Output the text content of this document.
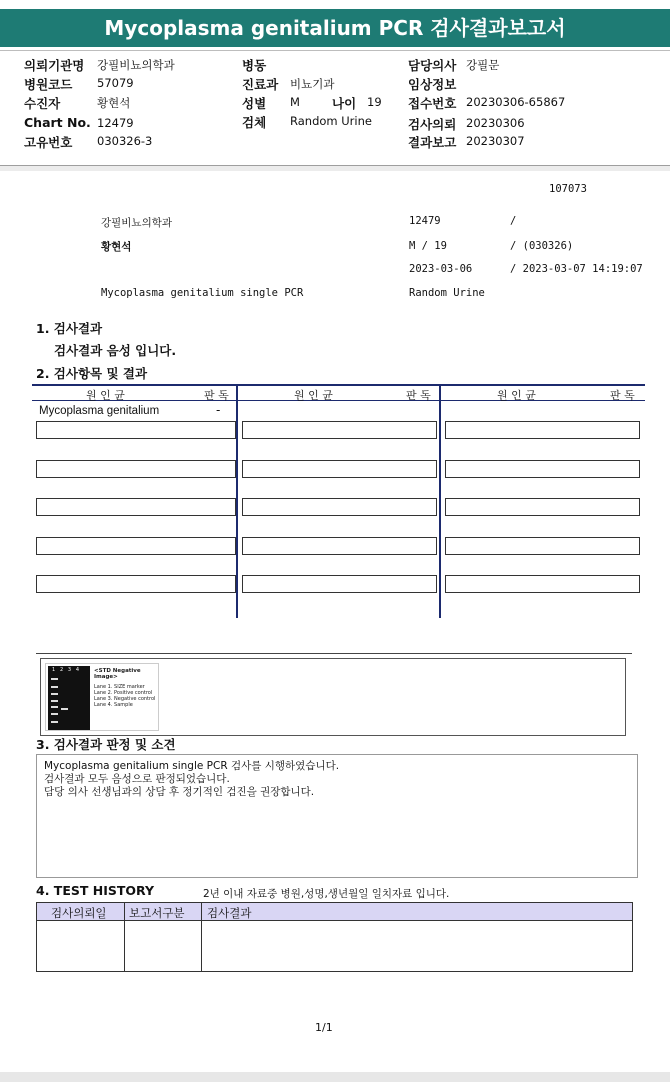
Mycoplasma genitalium PCR 검사결과보고서
의뢰기관명 강필비뇨의학과
병원코드 57079
수진자	황현석
Chart No. 12479
고유번호 030326-3
병동
진료과 비뇨기과
성별 M	나이 19
검체 Random Urine
담당의사 강필문
임상정보
접수번호 20230306-65867
검사의뢰 20230306
결과보고 20230307
107073
강필비뇨의학과	12479	/
황현석	M / 19	/ (030326)
2023-03-06	/ 2023-03-07 14:19:07
Mycoplasma genitalium single PCR	Random Urine
1. 검사결과
검사결과 음성 입니다.
2. 검사항목 및 결과
원 인 균	판 독	원 인 균	판 독	원 인 균	판 독
Mycoplasma genitalium	-
1   2   3   4	<STD Negative Image>
Lane 1. SIZE marker
Lane 2. Positive control
Lane 3. Negative control
Lane 4. Sample
3. 검사결과 판정 및 소견
Mycoplasma genitalium single PCR 검사를 시행하였습니다.
검사결과 모두 음성으로 판정되었습니다.
담당 의사 선생님과의 상담 후 정기적인 검진을 권장합니다.
4. TEST HISTORY	2년 이내 자료중 병원,성명,생년월일 일치자료 입니다.
검사의뢰일 보고서구분 검사결과
1/1
